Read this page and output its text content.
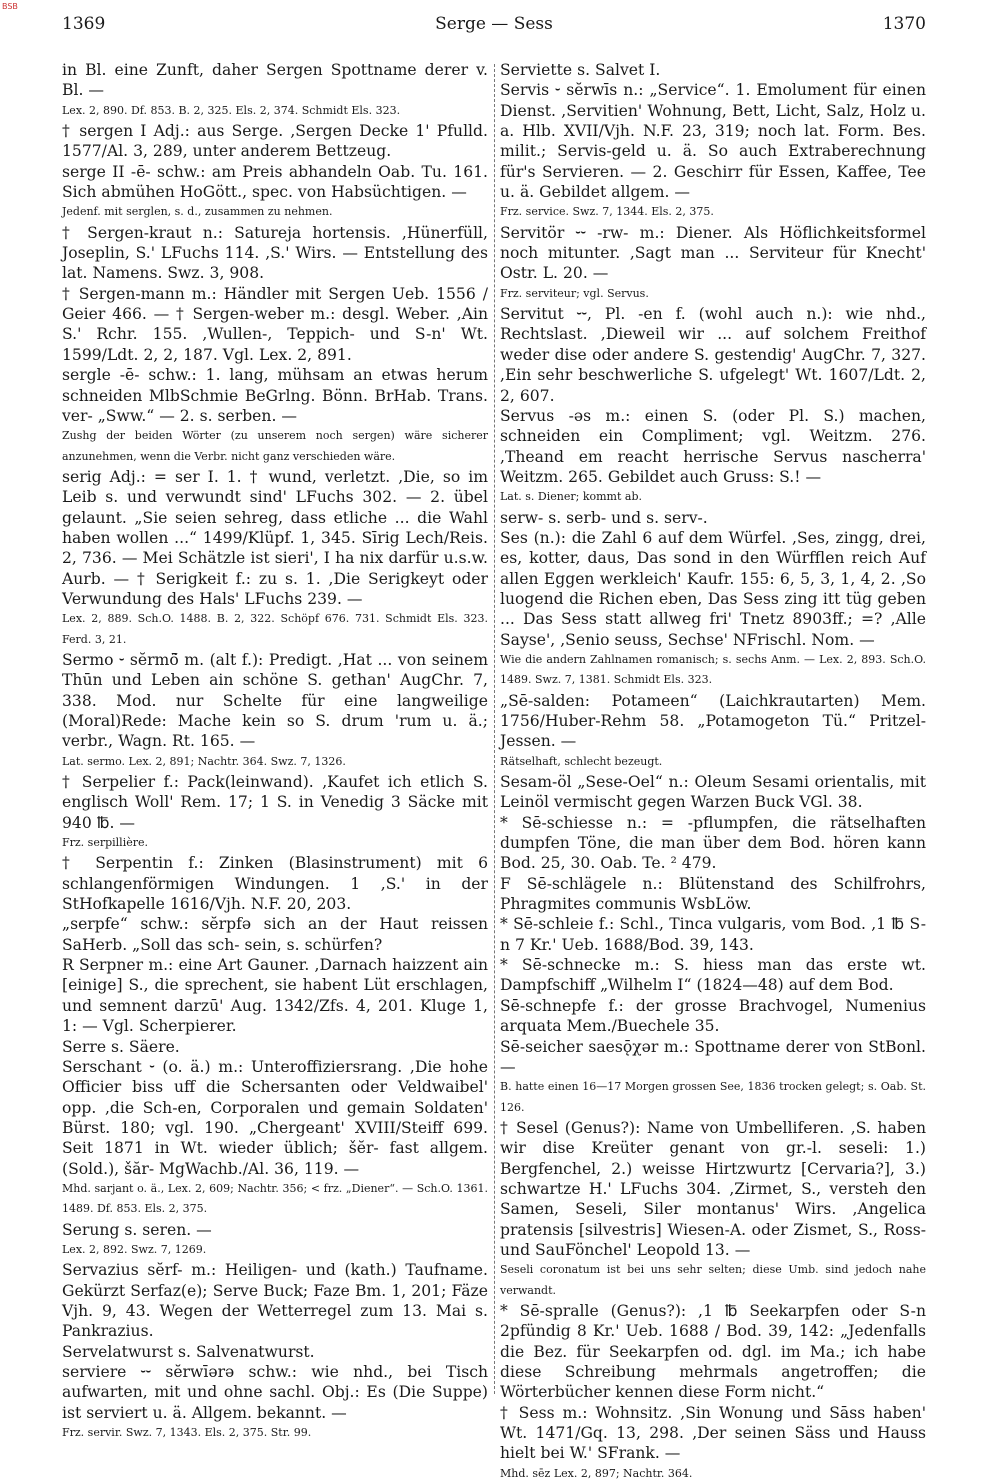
BSB
1369	Serge — Sess	1370

in Bl. eine Zunft, daher Sergen Spottname derer v. Bl. —

Lex. 2, 890. Df. 853. B. 2, 325. Els. 2, 374. Schmidt Els. 323.

† sergen I Adj.: aus Serge. ,Sergen Decke 1' Pfulld. 1577/Al. 3, 289, unter anderem Bettzeug.

serge II -ē- schw.: am Preis abhandeln Oab. Tu. 161. Sich abmühen HoGött., spec. von Habsüchtigen. —

Jedenf. mit serglen, s. d., zusammen zu nehmen.

† Sergen-kraut n.: Satureja hortensis. ,Hünerfüll, Joseplin, S.' LFuchs 114. ,S.' Wirs. — Entstellung des lat. Namens. Swz. 3, 908.

† Sergen-mann m.: Händler mit Sergen Ueb. 1556 / Geier 466. — † Sergen-weber m.: desgl. Weber. ,Ain S.' Rchr. 155. ,Wullen-, Teppich- und S-n' Wt. 1599/Ldt. 2, 2, 187. Vgl. Lex. 2, 891.

sergle -ē- schw.: 1. lang, mühsam an etwas herum schneiden MlbSchmie BeGrlng. Bönn. BrHab. Trans. ver- „Sww.“ — 2. s. serben. —

Zushg der beiden Wörter (zu unserem noch sergen) wäre sicherer anzunehmen, wenn die Verbr. nicht ganz verschieden wäre.

serig Adj.: = ser I. 1. † wund, verletzt. ,Die, so im Leib s. und verwundt sind' LFuchs 302. — 2. übel gelaunt. „Sie seien sehreg, dass etliche ... die Wahl haben wollen ...“ 1499/Klüpf. 1, 345. Sīrig Lech/Reis. 2, 736. — Mei Schätzle ist sieri', I ha nix darfür u.s.w. Aurb. — † Serigkeit f.: zu s. 1. ,Die Serigkeyt oder Verwundung des Hals' LFuchs 239. —

Lex. 2, 889. Sch.O. 1488. B. 2, 322. Schöpf 676. 731. Schmidt Els. 323. Ferd. 3, 21.

Sermo ⏑ sĕrmō̃ m. (alt f.): Predigt. ,Hat ... von seinem Thūn und Leben ain schöne S. gethan' AugChr. 7, 338. Mod. nur Schelte für eine langweilige (Moral)Rede: Mache kein so S. drum 'rum u. ä.; verbr., Wagn. Rt. 165. —

Lat. sermo. Lex. 2, 891; Nachtr. 364. Swz. 7, 1326.

† Serpelier f.: Pack(leinwand). ,Kaufet ich etlich S. englisch Woll' Rem. 17; 1 S. in Venedig 3 Säcke mit 940 ℔. —

Frz. serpillière.

† Serpentin f.: Zinken (Blasinstrument) mit 6 schlangenförmigen Windungen. 1 ,S.' in der StHofkapelle 1616/Vjh. N.F. 20, 203.

„serpfe“ schw.: sĕrpfə sich an der Haut reissen SaHerb. „Soll das sch- sein, s. schürfen?

R Serpner m.: eine Art Gauner. ,Darnach haizzent ain [einige] S., die sprechent, sie habent Lüt erschlagen, und semnent darzū' Aug. 1342/Zfs. 4, 201. Kluge 1, 1: — Vgl. Scherpierer.

Serre s. Säere.

Serschant ⏑ (o. ä.) m.: Unteroffiziersrang. ,Die hohe Officier biss uff die Schersanten oder Veldwaibel' opp. ,die Sch-en, Corporalen und gemain Soldaten' Bürst. 180; vgl. 190. „Chergeant' XVIII/Steiff 699. Seit 1871 in Wt. wieder üblich; šĕr- fast allgem. (Sold.), šăr- MgWachb./Al. 36, 119. —

Mhd. sarjant o. ä., Lex. 2, 609; Nachtr. 356; < frz. „Diener“. — Sch.O. 1361. 1489. Df. 853. Els. 2, 375.

Serung s. seren. —

Lex. 2, 892. Swz. 7, 1269.

Servazius sĕrf- m.: Heiligen- und (kath.) Taufname. Gekürzt Serfaz(e); Serve Buck; Faze Bm. 1, 201; Fäze Vjh. 9, 43. Wegen der Wetterregel zum 13. Mai s. Pankrazius.

Servelatwurst s. Salvenatwurst.

serviere ⏑⏑ sĕrwīərə schw.: wie nhd., bei Tisch aufwarten, mit und ohne sachl. Obj.: Es (Die Suppe) ist serviert u. ä. Allgem. bekannt. —

Frz. servir. Swz. 7, 1343. Els. 2, 375. Str. 99.

Serviette s. Salvet I.

Servis ⏑ sĕrwīs n.: „Service“. 1. Emolument für einen Dienst. ,Servitien' Wohnung, Bett, Licht, Salz, Holz u. a. Hlb. XVII/Vjh. N.F. 23, 319; noch lat. Form. Bes. milit.; Servis-geld u. ä. So auch Extraberechnung für's Servieren. — 2. Geschirr für Essen, Kaffee, Tee u. ä. Gebildet allgem. —

Frz. service. Swz. 7, 1344. Els. 2, 375.

Servitör ⏑⏑ -rw- m.: Diener. Als Höflichkeitsformel noch mitunter. ,Sagt man ... Serviteur für Knecht' Ostr. L. 20. —

Frz. serviteur; vgl. Servus.

Servitut ⏑⏑, Pl. -en f. (wohl auch n.): wie nhd., Rechtslast. ,Dieweil wir ... auf solchem Freithof weder dise oder andere S. gestendig' AugChr. 7, 327. ,Ein sehr beschwerliche S. ufgelegt' Wt. 1607/Ldt. 2, 2, 607.

Servus -əs m.: einen S. (oder Pl. S.) machen, schneiden ein Compliment; vgl. Weitzm. 276. ,Theand em reacht herrische Servus nascherra' Weitzm. 265. Gebildet auch Gruss: S.! —

Lat. s. Diener; kommt ab.

serw- s. serb- und s. serv-.

Ses (n.): die Zahl 6 auf dem Würfel. ,Ses, zingg, drei, es, kotter, daus, Das sond in den Würfflen reich Auf allen Eggen werkleich' Kaufr. 155: 6, 5, 3, 1, 4, 2. ,So luogend die Richen eben, Das Sess zing itt tüg geben ... Das Sess statt allweg fri' Tnetz 8903ff.; =? ,Alle Sayse', ,Senio seuss, Sechse' NFrischl. Nom. —

Wie die andern Zahlnamen romanisch; s. sechs Anm. — Lex. 2, 893. Sch.O. 1489. Swz. 7, 1381. Schmidt Els. 323.

„Sē-salden: Potameen“ (Laichkrautarten) Mem. 1756/Huber-Rehm 58. „Potamogeton Tü.“ Pritzel-Jessen. —

Rätselhaft, schlecht bezeugt.

Sesam-öl „Sese-Oel“ n.: Oleum Sesami orientalis, mit Leinöl vermischt gegen Warzen Buck VGl. 38.

* Sē-schiesse n.: = -pflumpfen, die rätselhaften dumpfen Töne, die man über dem Bod. hören kann Bod. 25, 30. Oab. Te. ² 479.

F Sē-schlägele n.: Blütenstand des Schilfrohrs, Phragmites communis WsbLöw.

* Sē-schleie f.: Schl., Tinca vulgaris, vom Bod. ,1 ℔ S-n 7 Kr.' Ueb. 1688/Bod. 39, 143.

* Sē-schnecke m.: S. hiess man das erste wt. Dampfschiff „Wilhelm I“ (1824—48) auf dem Bod.

Sē-schnepfe f.: der grosse Brachvogel, Numenius arquata Mem./Buechele 35.

Sē-seicher saesǭχər m.: Spottname derer von StBonl. —

B. hatte einen 16—17 Morgen grossen See, 1836 trocken gelegt; s. Oab. St. 126.

† Sesel (Genus?): Name von Umbelliferen. ,S. haben wir dise Kreüter genant von gr.-l. seseli: 1.) Bergfenchel, 2.) weisse Hirtzwurtz [Cervaria?], 3.) schwartze H.' LFuchs 304. ,Zirmet, S., versteh den Samen, Seseli, Siler montanus' Wirs. ,Angelica pratensis [silvestris] Wiesen-A. oder Zismet, S., Ross- und SauFönchel' Leopold 13. —

Seseli coronatum ist bei uns sehr selten; diese Umb. sind jedoch nahe verwandt.

* Sē-spralle (Genus?): ,1 ℔ Seekarpfen oder S-n 2pfündig 8 Kr.' Ueb. 1688 / Bod. 39, 142: „Jedenfalls die Bez. für Seekarpfen od. dgl. im Ma.; ich habe diese Schreibung mehrmals angetroffen; die Wörterbücher kennen diese Form nicht.“

† Sess m.: Wohnsitz. ,Sin Wonung und Sāss haben' Wt. 1471/Gq. 13, 298. ,Der seinen Säss und Hauss hielt bei W.' SFrank. —

Mhd. sēz Lex. 2, 897; Nachtr. 364.
